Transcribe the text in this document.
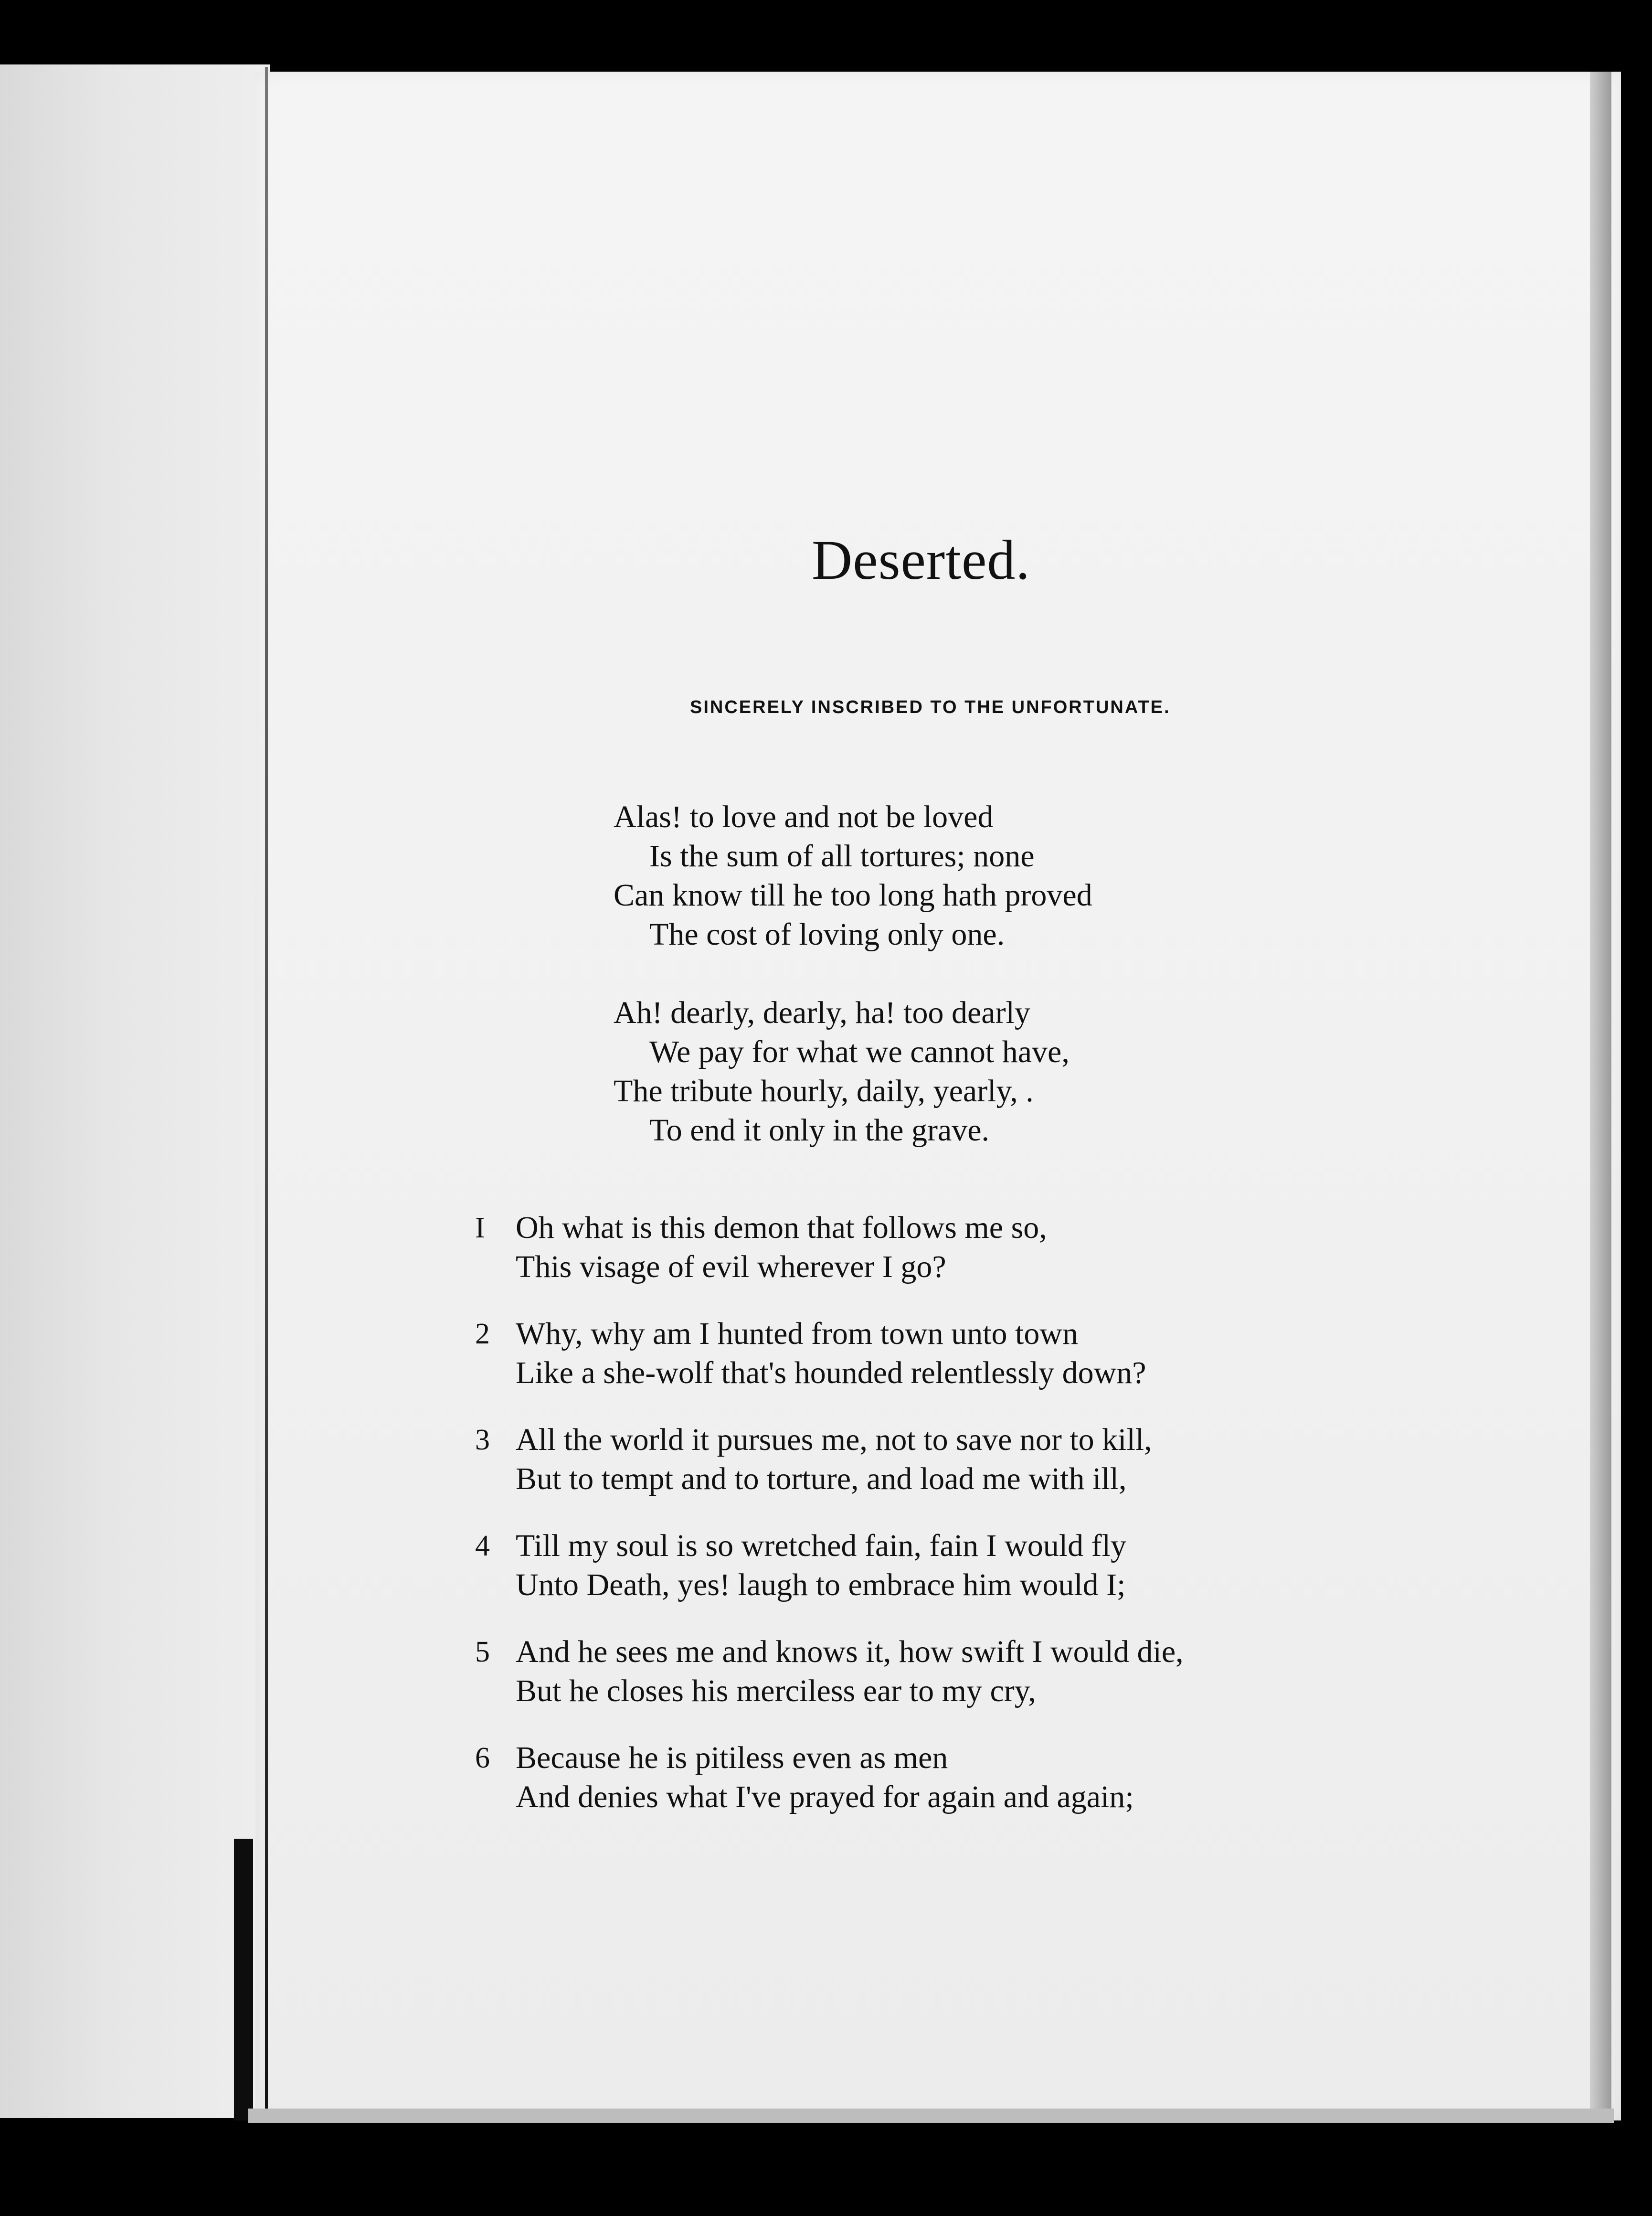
Deserted.

SINCERELY INSCRIBED TO THE UNFORTUNATE.

Alas! to love and not be loved
Is the sum of all tortures; none
Can know till he too long hath proved
The cost of loving only one.
Ah! dearly, dearly, ha! too dearly
We pay for what we cannot have,
The tribute hourly, daily, yearly, .
To end it only in the grave.
I Oh what is this demon that follows me so,
This visage of evil wherever I go?
2 Why, why am I hunted from town unto town
Like a she-wolf that's hounded relentlessly down?
3 All the world it pursues me, not to save nor to kill,
But to tempt and to torture, and load me with ill,
4 Till my soul is so wretched fain, fain I would fly
Unto Death, yes! laugh to embrace him would I;
5 And he sees me and knows it, how swift I would die,
But he closes his merciless ear to my cry,
6 Because he is pitiless even as men
And denies what I've prayed for again and again;
